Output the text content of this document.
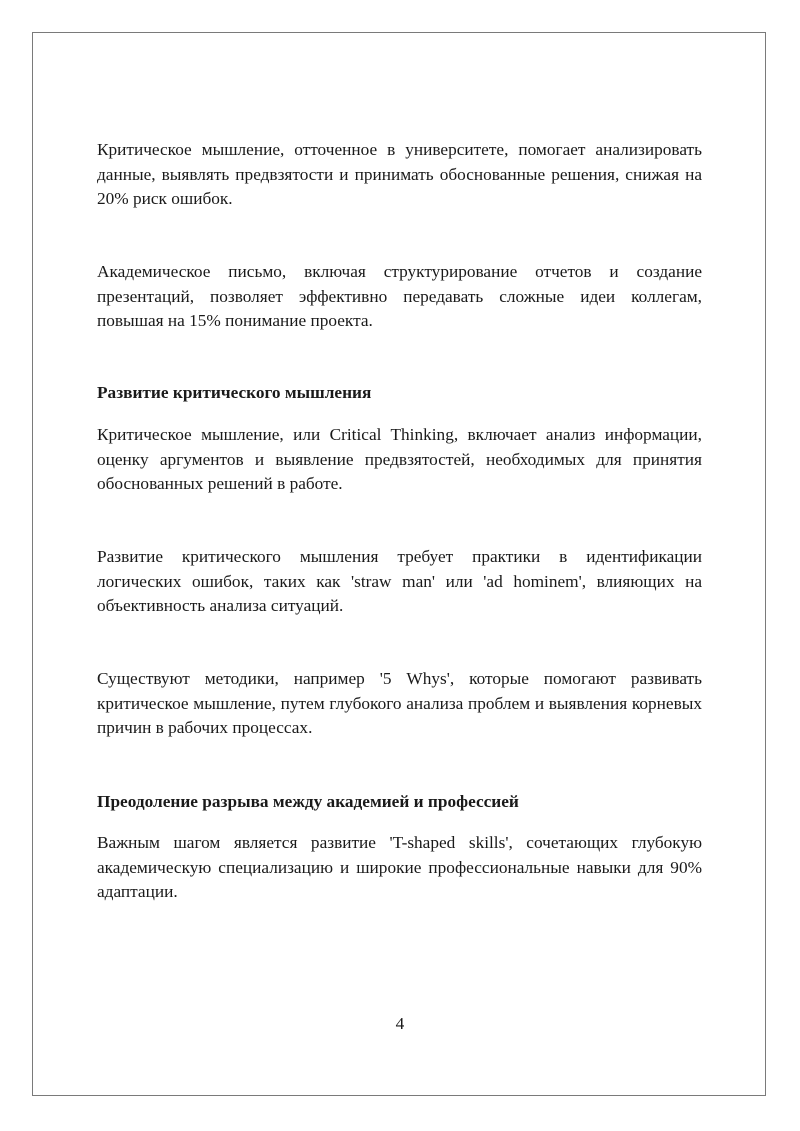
Критическое мышление, отточенное в университете, помогает анализировать данные, выявлять предвзятости и принимать обоснованные решения, снижая на 20% риск ошибок.

Академическое письмо, включая структурирование отчетов и создание презентаций, позволяет эффективно передавать сложные идеи коллегам, повышая на 15% понимание проекта.

Развитие критического мышления

Критическое мышление, или Critical Thinking, включает анализ информации, оценку аргументов и выявление предвзятостей, необходимых для принятия обоснованных решений в работе.

Развитие критического мышления требует практики в идентификации логических ошибок, таких как 'straw man' или 'ad hominem', влияющих на объективность анализа ситуаций.

Существуют методики, например '5 Whys', которые помогают развивать критическое мышление, путем глубокого анализа проблем и выявления корневых причин в рабочих процессах.

Преодоление разрыва между академией и профессией

Важным шагом является развитие 'T-shaped skills', сочетающих глубокую академическую специализацию и широкие профессиональные навыки для 90% адаптации.

4
